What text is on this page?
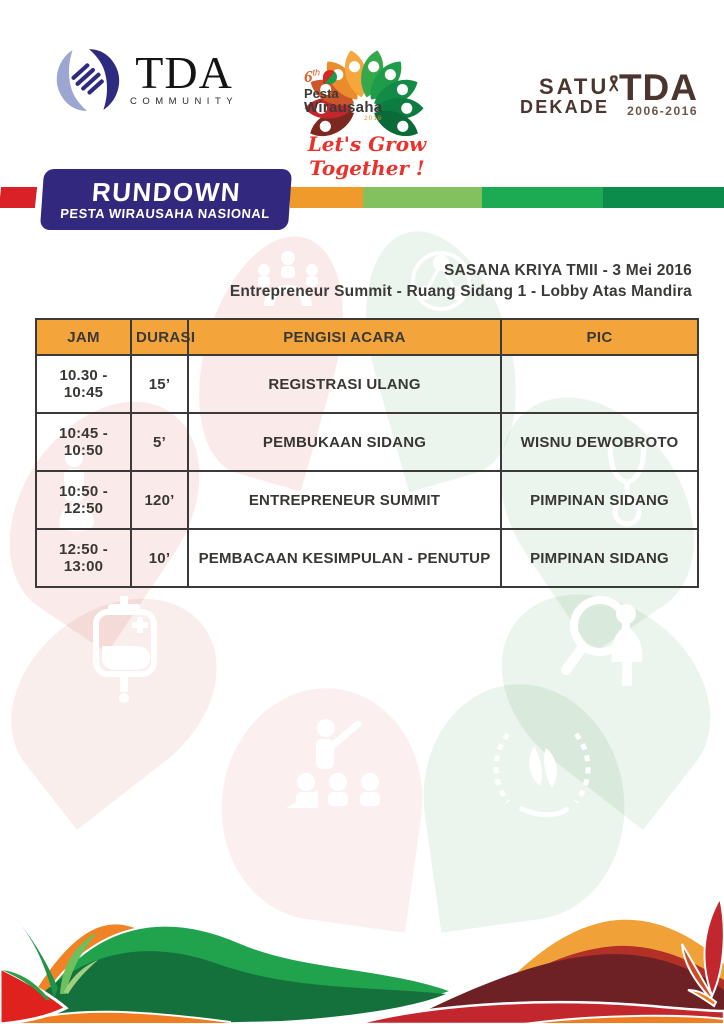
TDA
COMMUNITY
6th
Pesta
Wirausaha
2016
Let's Grow Together !
SATU
DEKADE TDA
2006-2016
RUNDOWN
PESTA WIRAUSAHA NASIONAL
SASANA KRIYA TMII - 3 Mei 2016
Entrepreneur Summit - Ruang Sidang 1 - Lobby Atas Mandira
JAM	DURASI	PENGISI ACARA	PIC
10.30 - 10:45	15’	REGISTRASI ULANG	
10:45 - 10:50	5’	PEMBUKAAN SIDANG	WISNU DEWOBROTO
10:50 - 12:50	120’	ENTREPRENEUR SUMMIT	PIMPINAN SIDANG
12:50 - 13:00	10’	PEMBACAAN KESIMPULAN - PENUTUP	PIMPINAN SIDANG
